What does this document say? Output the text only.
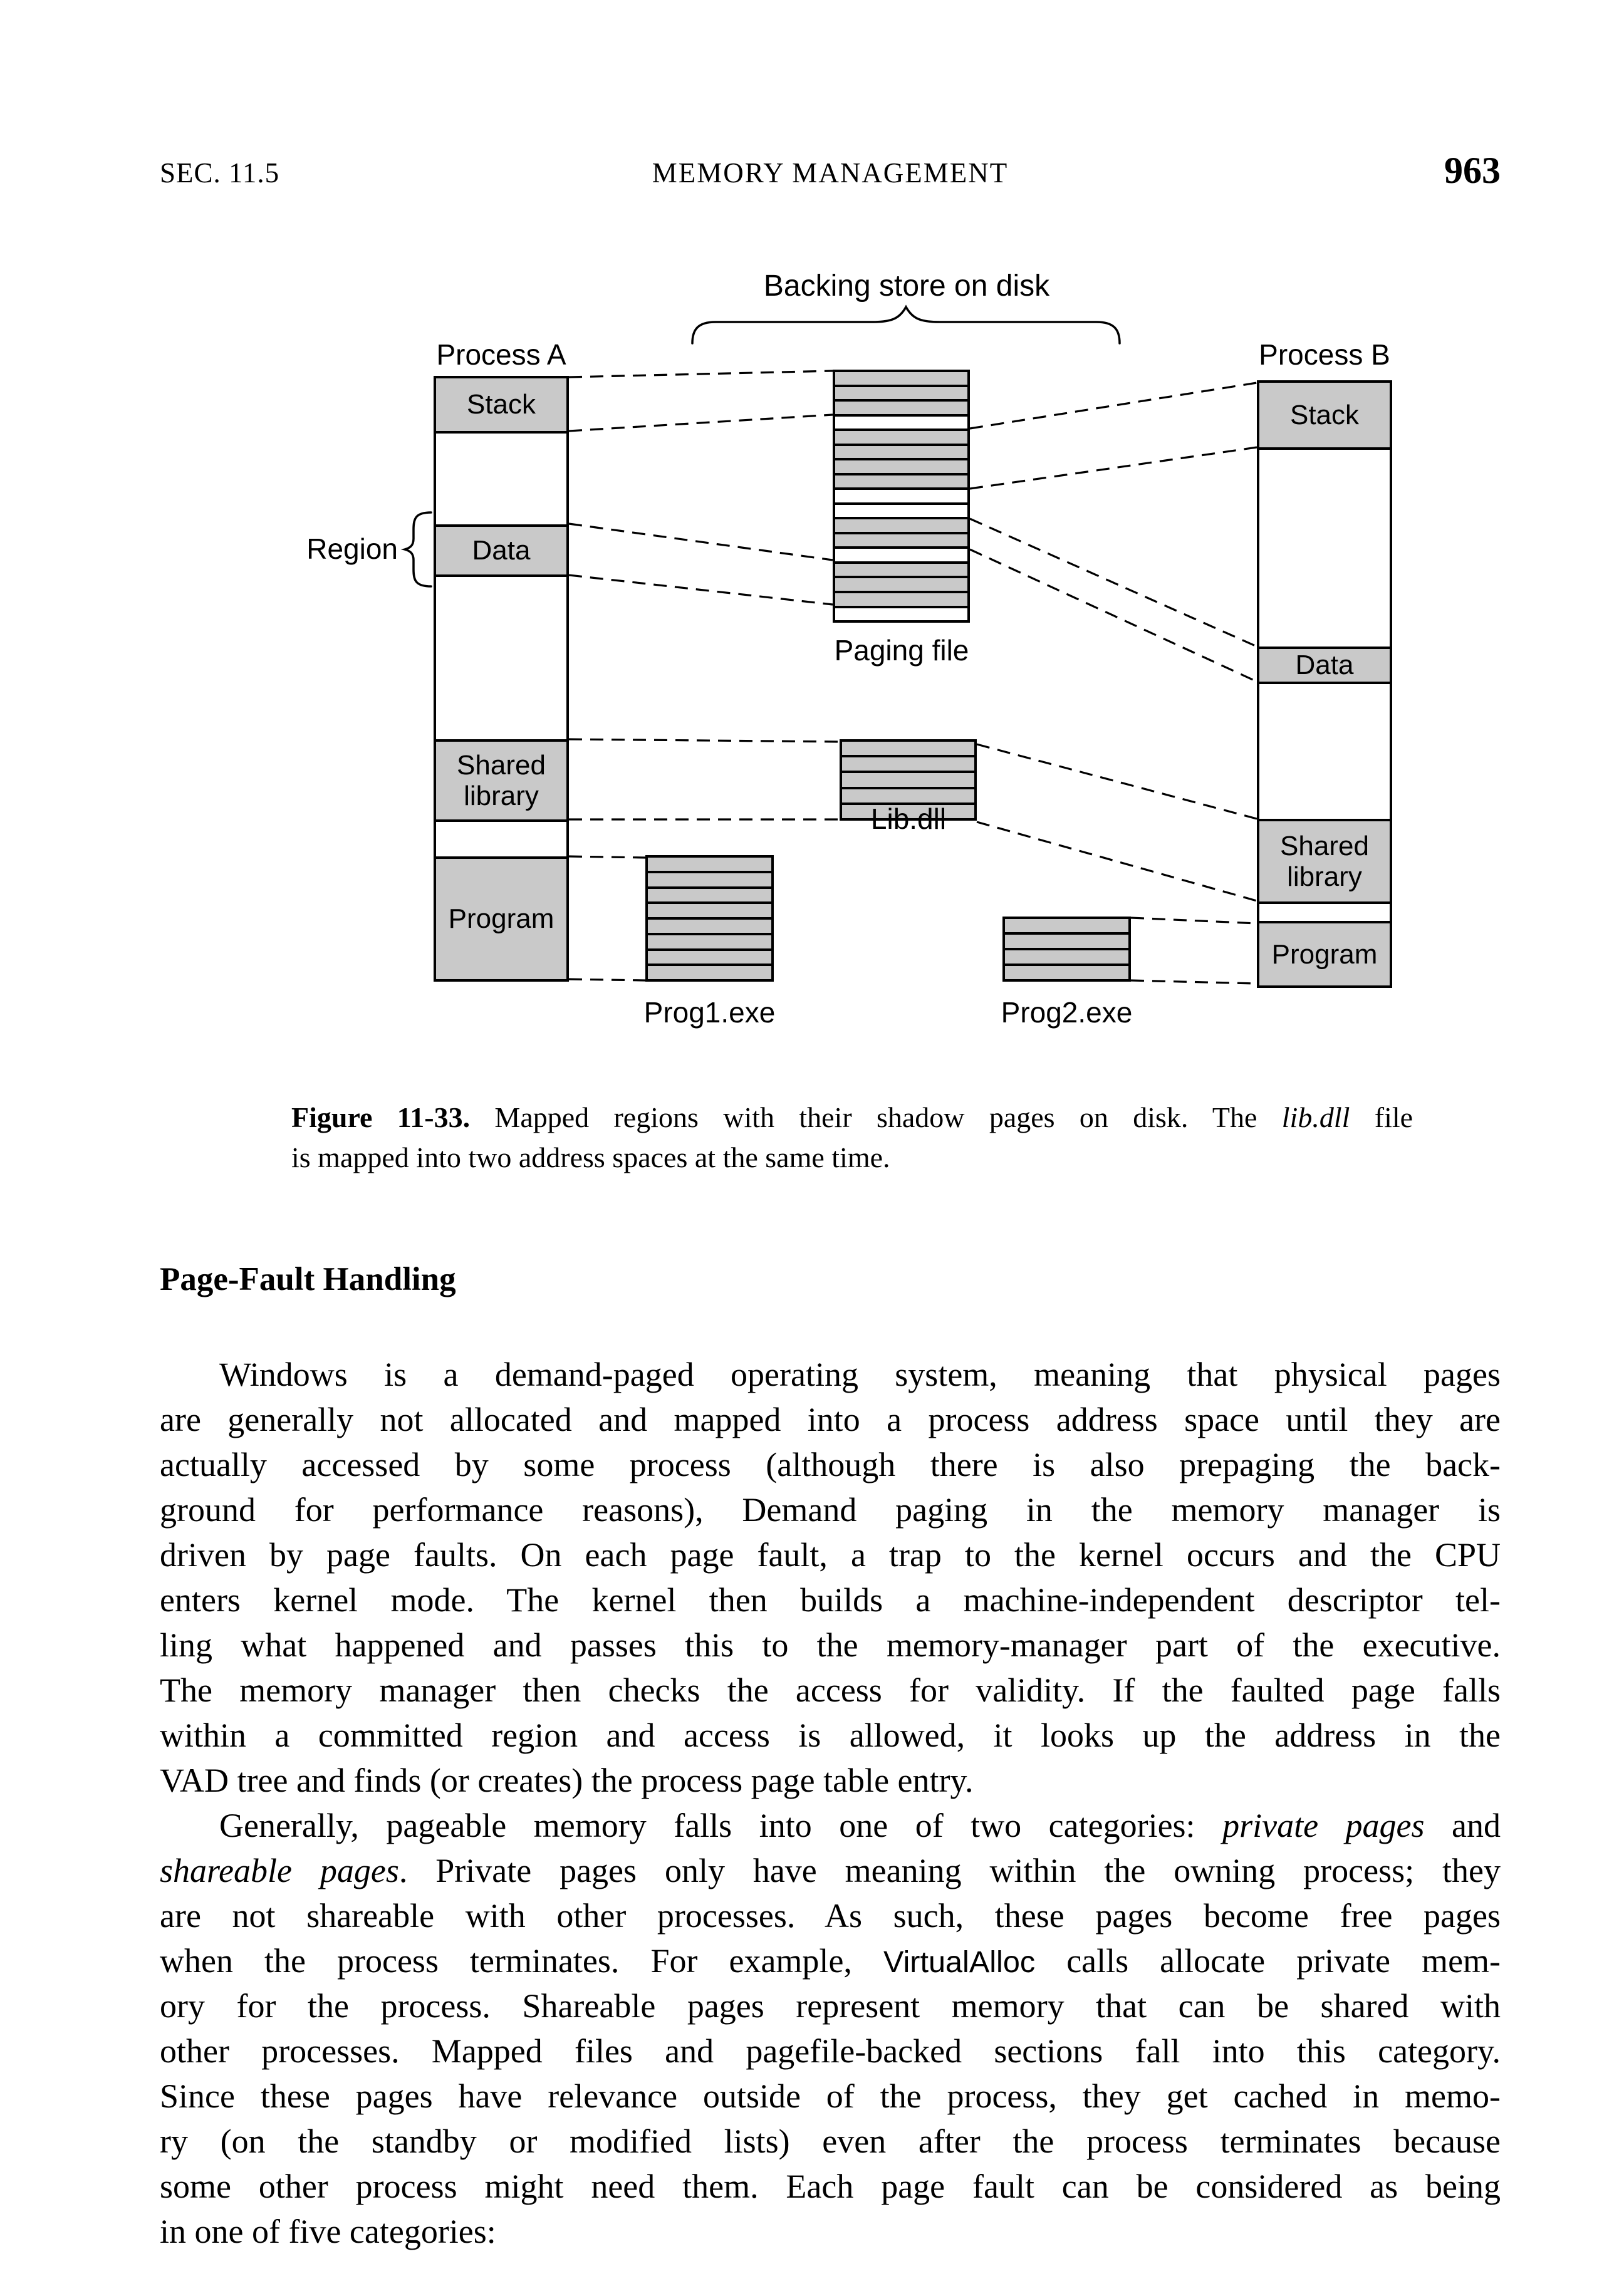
SEC. 11.5	MEMORY MANAGEMENT	963
Backing store on disk
Process A	Process B
Region
Stack
Data
Shared library
Program
Stack
Data
Shared library
Program
Paging file
Lib.dll
Prog1.exe	Prog2.exe
Figure 11-33. Mapped regions with their shadow pages on disk. The lib.dll file
is mapped into two address spaces at the same time.
Page-Fault Handling
Windows is a demand-paged operating system, meaning that physical pages
are generally not allocated and mapped into a process address space until they are
actually accessed by some process (although there is also prepaging the back-
ground for performance reasons), Demand paging in the memory manager is
driven by page faults. On each page fault, a trap to the kernel occurs and the CPU
enters kernel mode. The kernel then builds a machine-independent descriptor tel-
ling what happened and passes this to the memory-manager part of the executive.
The memory manager then checks the access for validity. If the faulted page falls
within a committed region and access is allowed, it looks up the address in the
VAD tree and finds (or creates) the process page table entry.
Generally, pageable memory falls into one of two categories: private pages and
shareable pages. Private pages only have meaning within the owning process; they
are not shareable with other processes. As such, these pages become free pages
when the process terminates. For example, VirtualAlloc calls allocate private mem-
ory for the process. Shareable pages represent memory that can be shared with
other processes. Mapped files and pagefile-backed sections fall into this category.
Since these pages have relevance outside of the process, they get cached in memo-
ry (on the standby or modified lists) even after the process terminates because
some other process might need them. Each page fault can be considered as being
in one of five categories:
